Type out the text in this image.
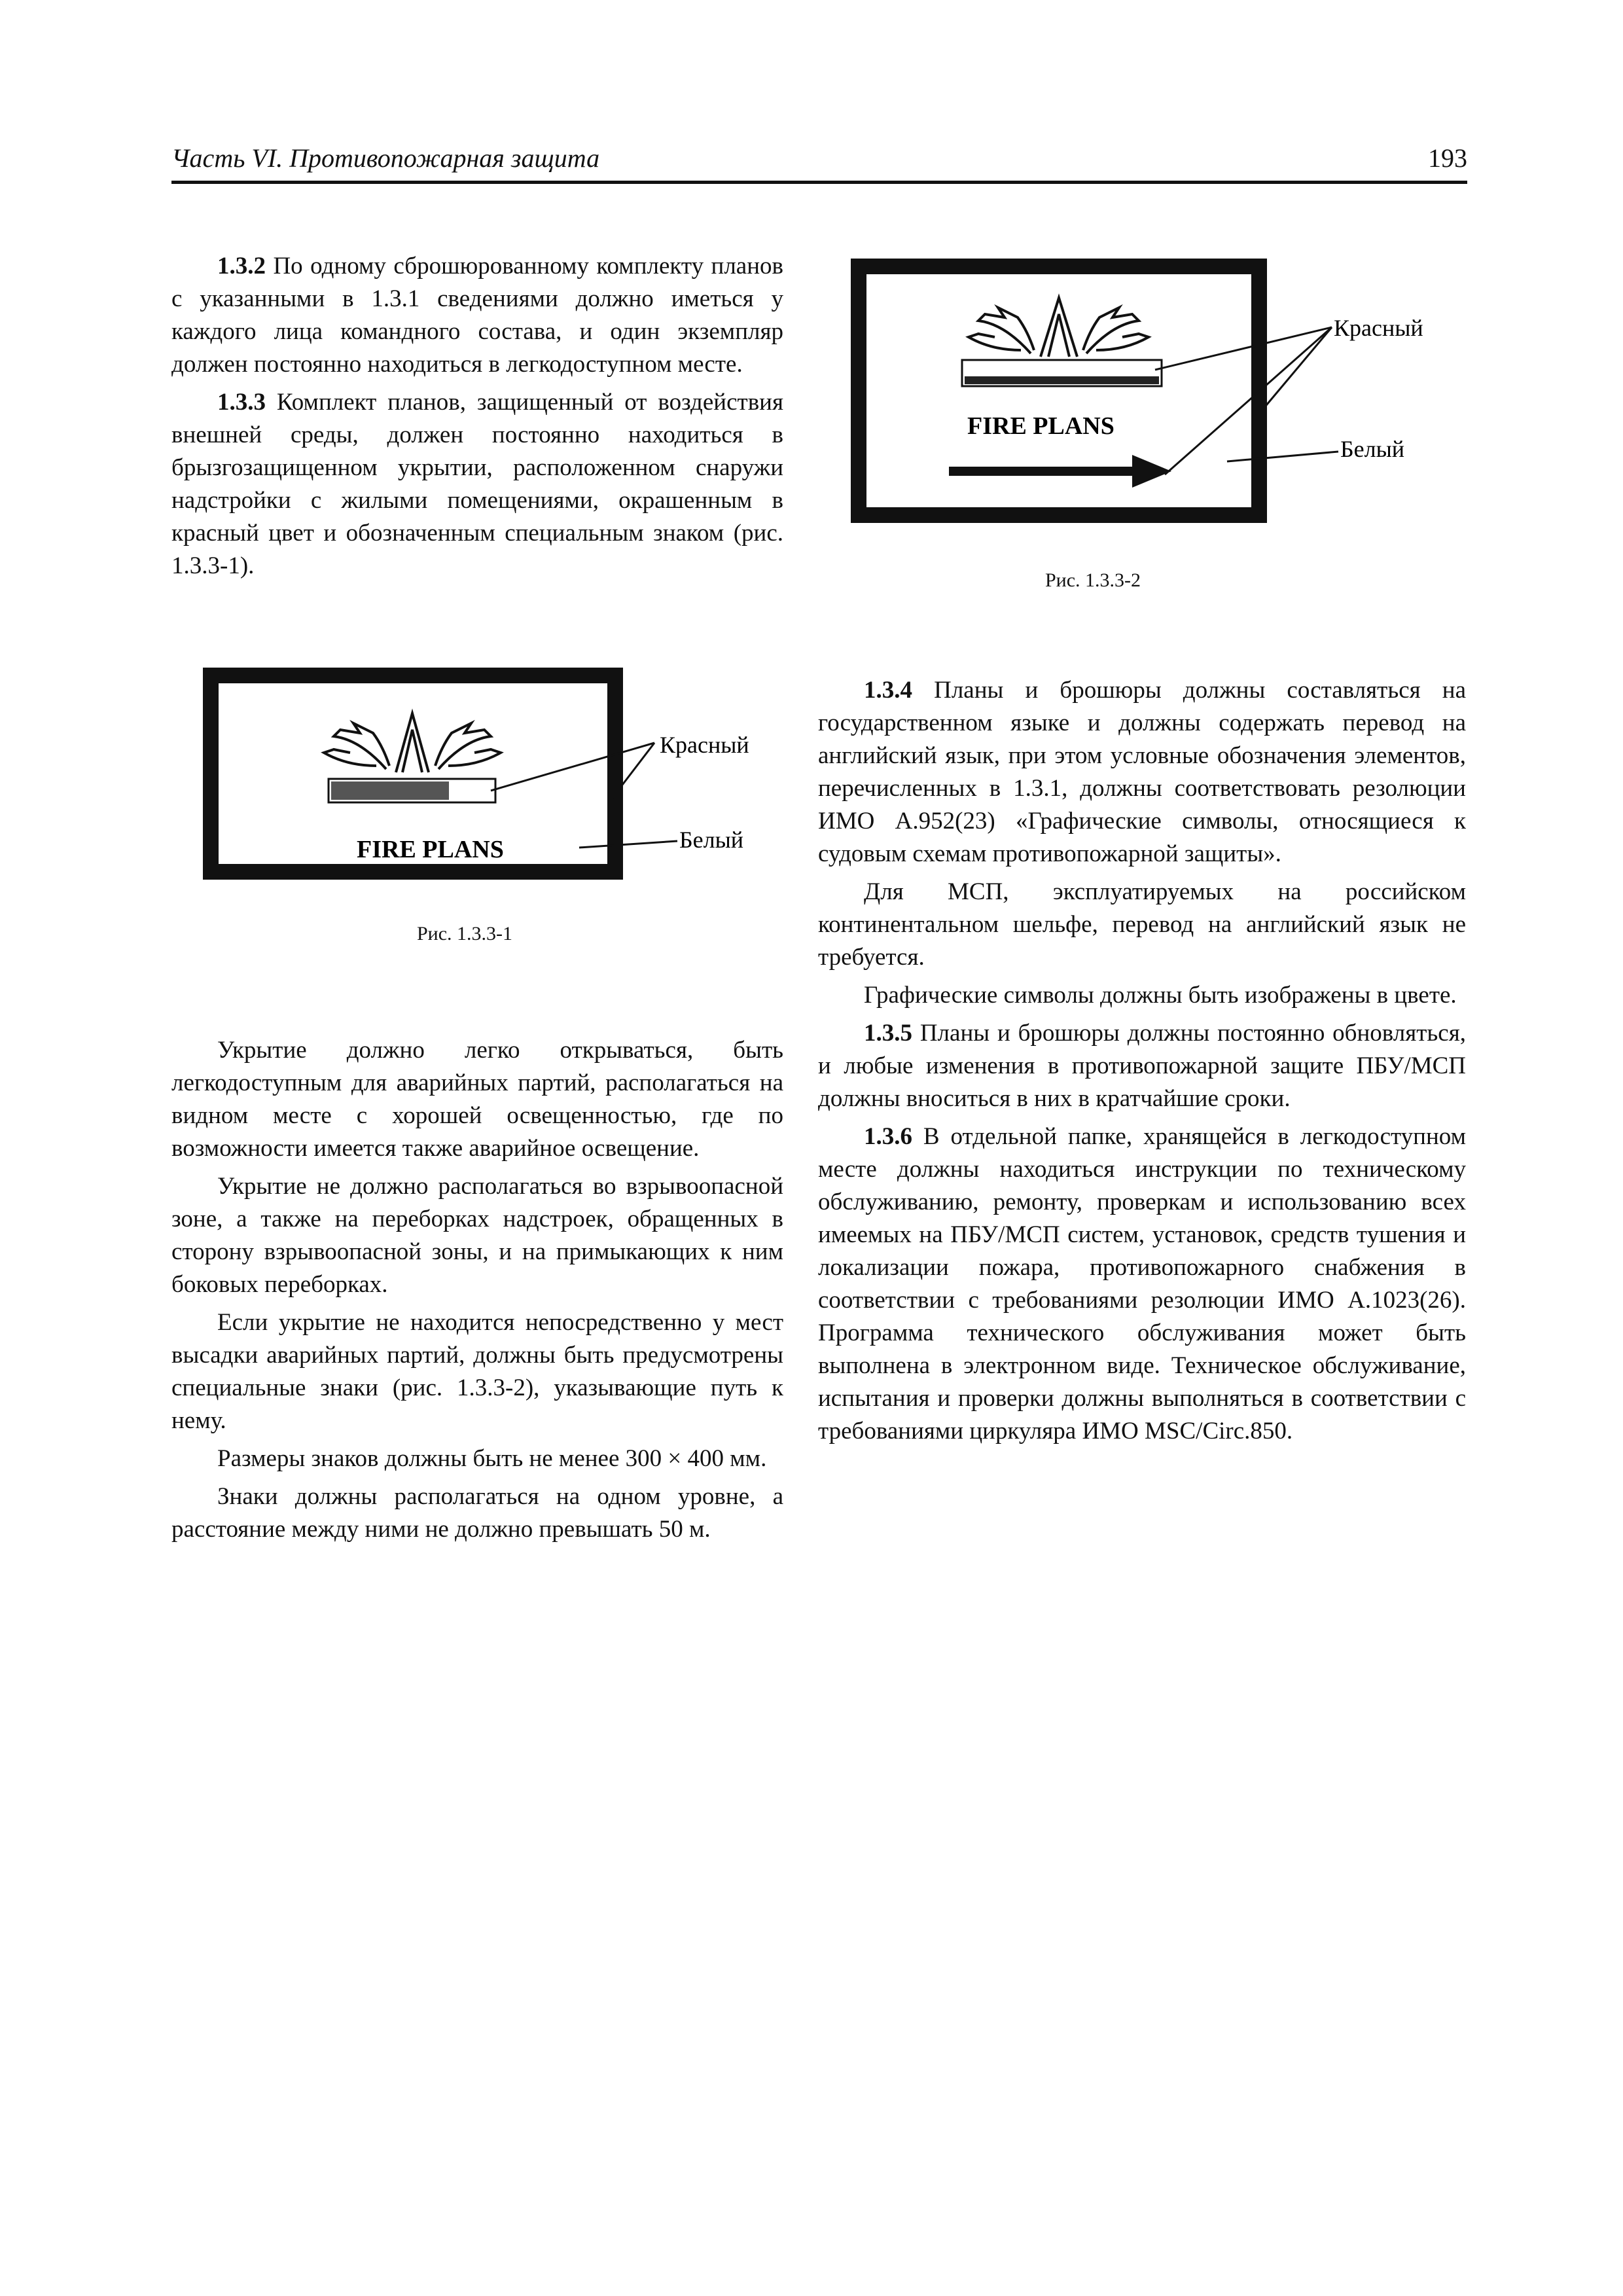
Часть VI. Противопожарная защита	193

1.3.2 По одному сброшюрованному комплекту планов с указанными в 1.3.1 сведениями должно иметься у каждого лица командного состава, и один экземпляр должен постоянно находиться в легкодоступном месте.

1.3.3 Комплект планов, защищенный от воздействия внешней среды, должен постоянно находиться в брызгозащищенном укрытии, расположенном снаружи надстройки с жилыми помещениями, окрашенным в красный цвет и обозначенным специальным знаком (рис. 1.3.3-1).

FIRE PLANS
Красный
Белый
Рис. 1.3.3-1
FIRE PLANS
Красный
Белый
Рис. 1.3.3-2

Укрытие должно легко открываться, быть легкодоступным для аварийных партий, располагаться на видном месте с хорошей освещенностью, где по возможности имеется также аварийное освещение.

Укрытие не должно располагаться во взрывоопасной зоне, а также на переборках надстроек, обращенных в сторону взрывоопасной зоны, и на примыкающих к ним боковых переборках.

Если укрытие не находится непосредственно у мест высадки аварийных партий, должны быть предусмотрены специальные знаки (рис. 1.3.3-2), указывающие путь к нему.

Размеры знаков должны быть не менее 300 × 400 мм.

Знаки должны располагаться на одном уровне, а расстояние между ними не должно превышать 50 м.

1.3.4 Планы и брошюры должны составляться на государственном языке и должны содержать перевод на английский язык, при этом условные обозначения элементов, перечисленных в 1.3.1, должны соответствовать резолюции ИМО А.952(23) «Графические символы, относящиеся к судовым схемам противопожарной защиты».

Для МСП, эксплуатируемых на российском континентальном шельфе, перевод на английский язык не требуется.

Графические символы должны быть изображены в цвете.

1.3.5 Планы и брошюры должны постоянно обновляться, и любые изменения в противопожарной защите ПБУ/МСП должны вноситься в них в кратчайшие сроки.

1.3.6 В отдельной папке, хранящейся в легкодоступном месте должны находиться инструкции по техническому обслуживанию, ремонту, проверкам и использованию всех имеемых на ПБУ/МСП систем, установок, средств тушения и локализации пожара, противопожарного снабжения в соответствии с требованиями резолюции ИМО А.1023(26). Программа технического обслуживания может быть выполнена в электронном виде. Техническое обслуживание, испытания и проверки должны выполняться в соответствии с требованиями циркуляра ИМО MSC/Circ.850.
